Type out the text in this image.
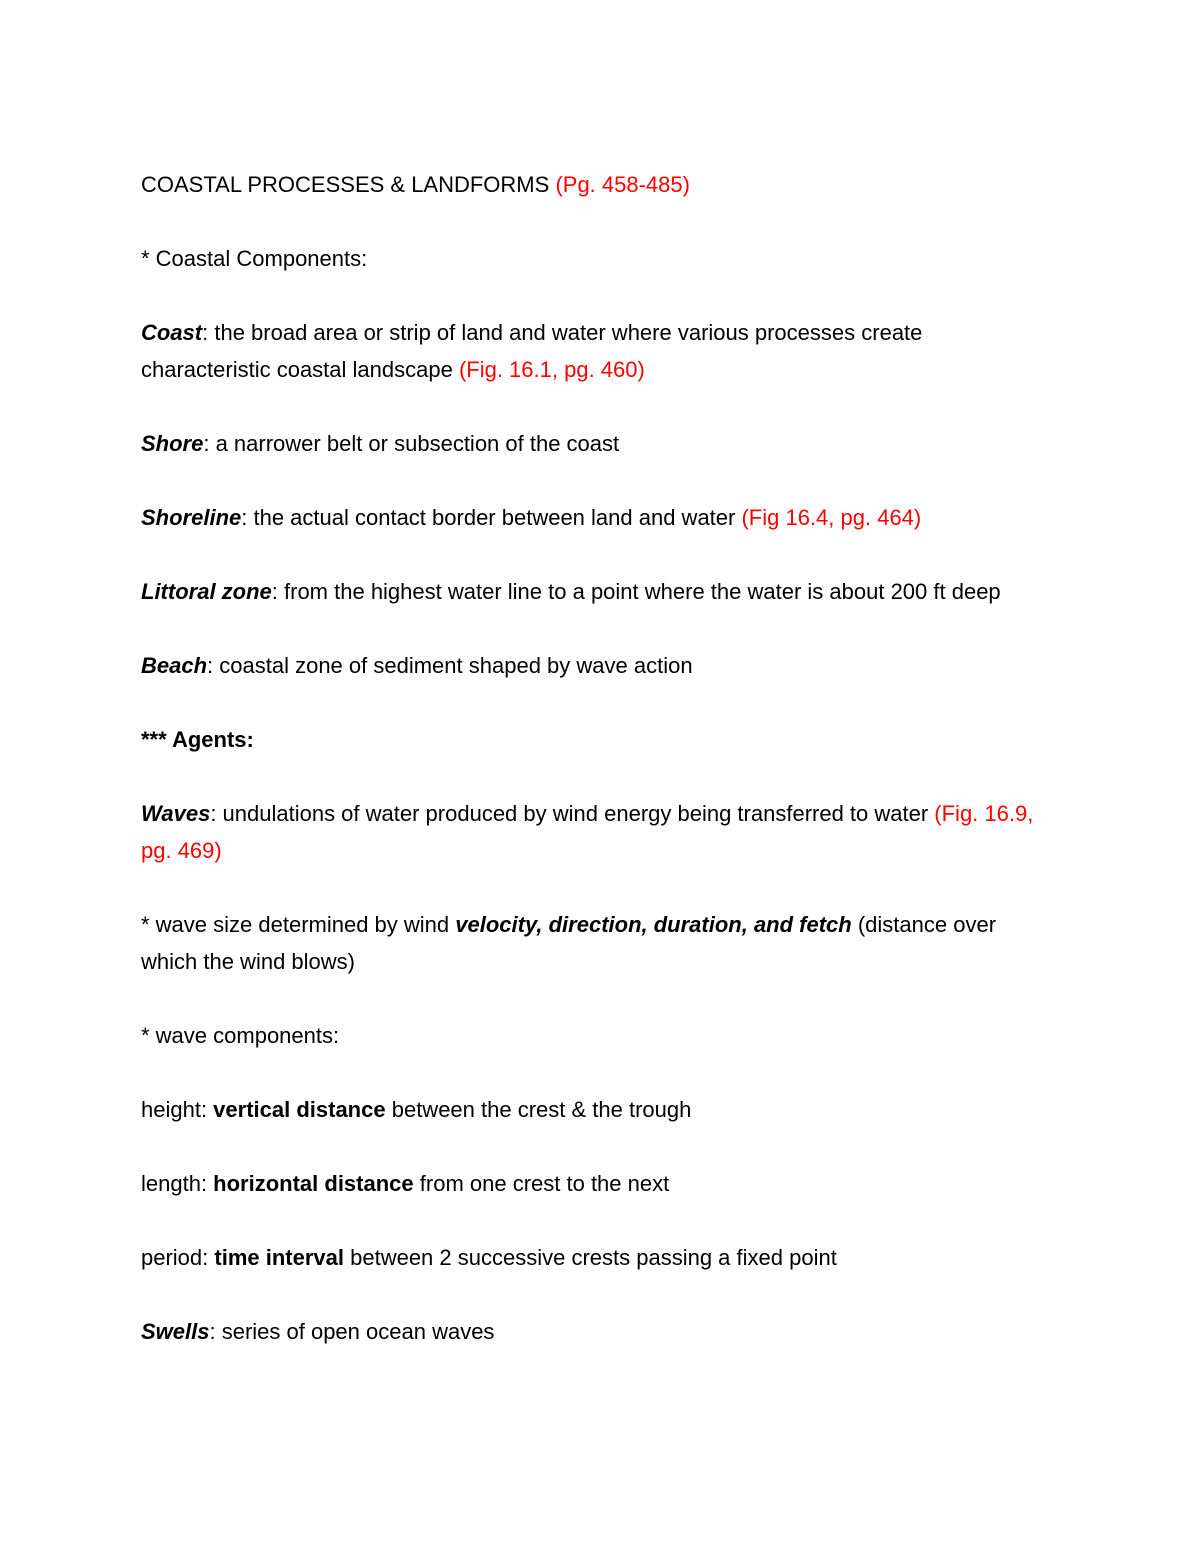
COASTAL PROCESSES & LANDFORMS (Pg. 458-485)

* Coastal Components:

Coast: the broad area or strip of land and water where various processes create characteristic coastal landscape (Fig. 16.1, pg. 460)

Shore: a narrower belt or subsection of the coast

Shoreline: the actual contact border between land and water (Fig 16.4, pg. 464)

Littoral zone: from the highest water line to a point where the water is about 200 ft deep

Beach: coastal zone of sediment shaped by wave action

*** Agents:

Waves: undulations of water produced by wind energy being transferred to water (Fig. 16.9, pg. 469)

* wave size determined by wind velocity, direction, duration, and fetch (distance over which the wind blows)

* wave components:

height: vertical distance between the crest & the trough

length: horizontal distance from one crest to the next

period: time interval between 2 successive crests passing a fixed point

Swells: series of open ocean waves
